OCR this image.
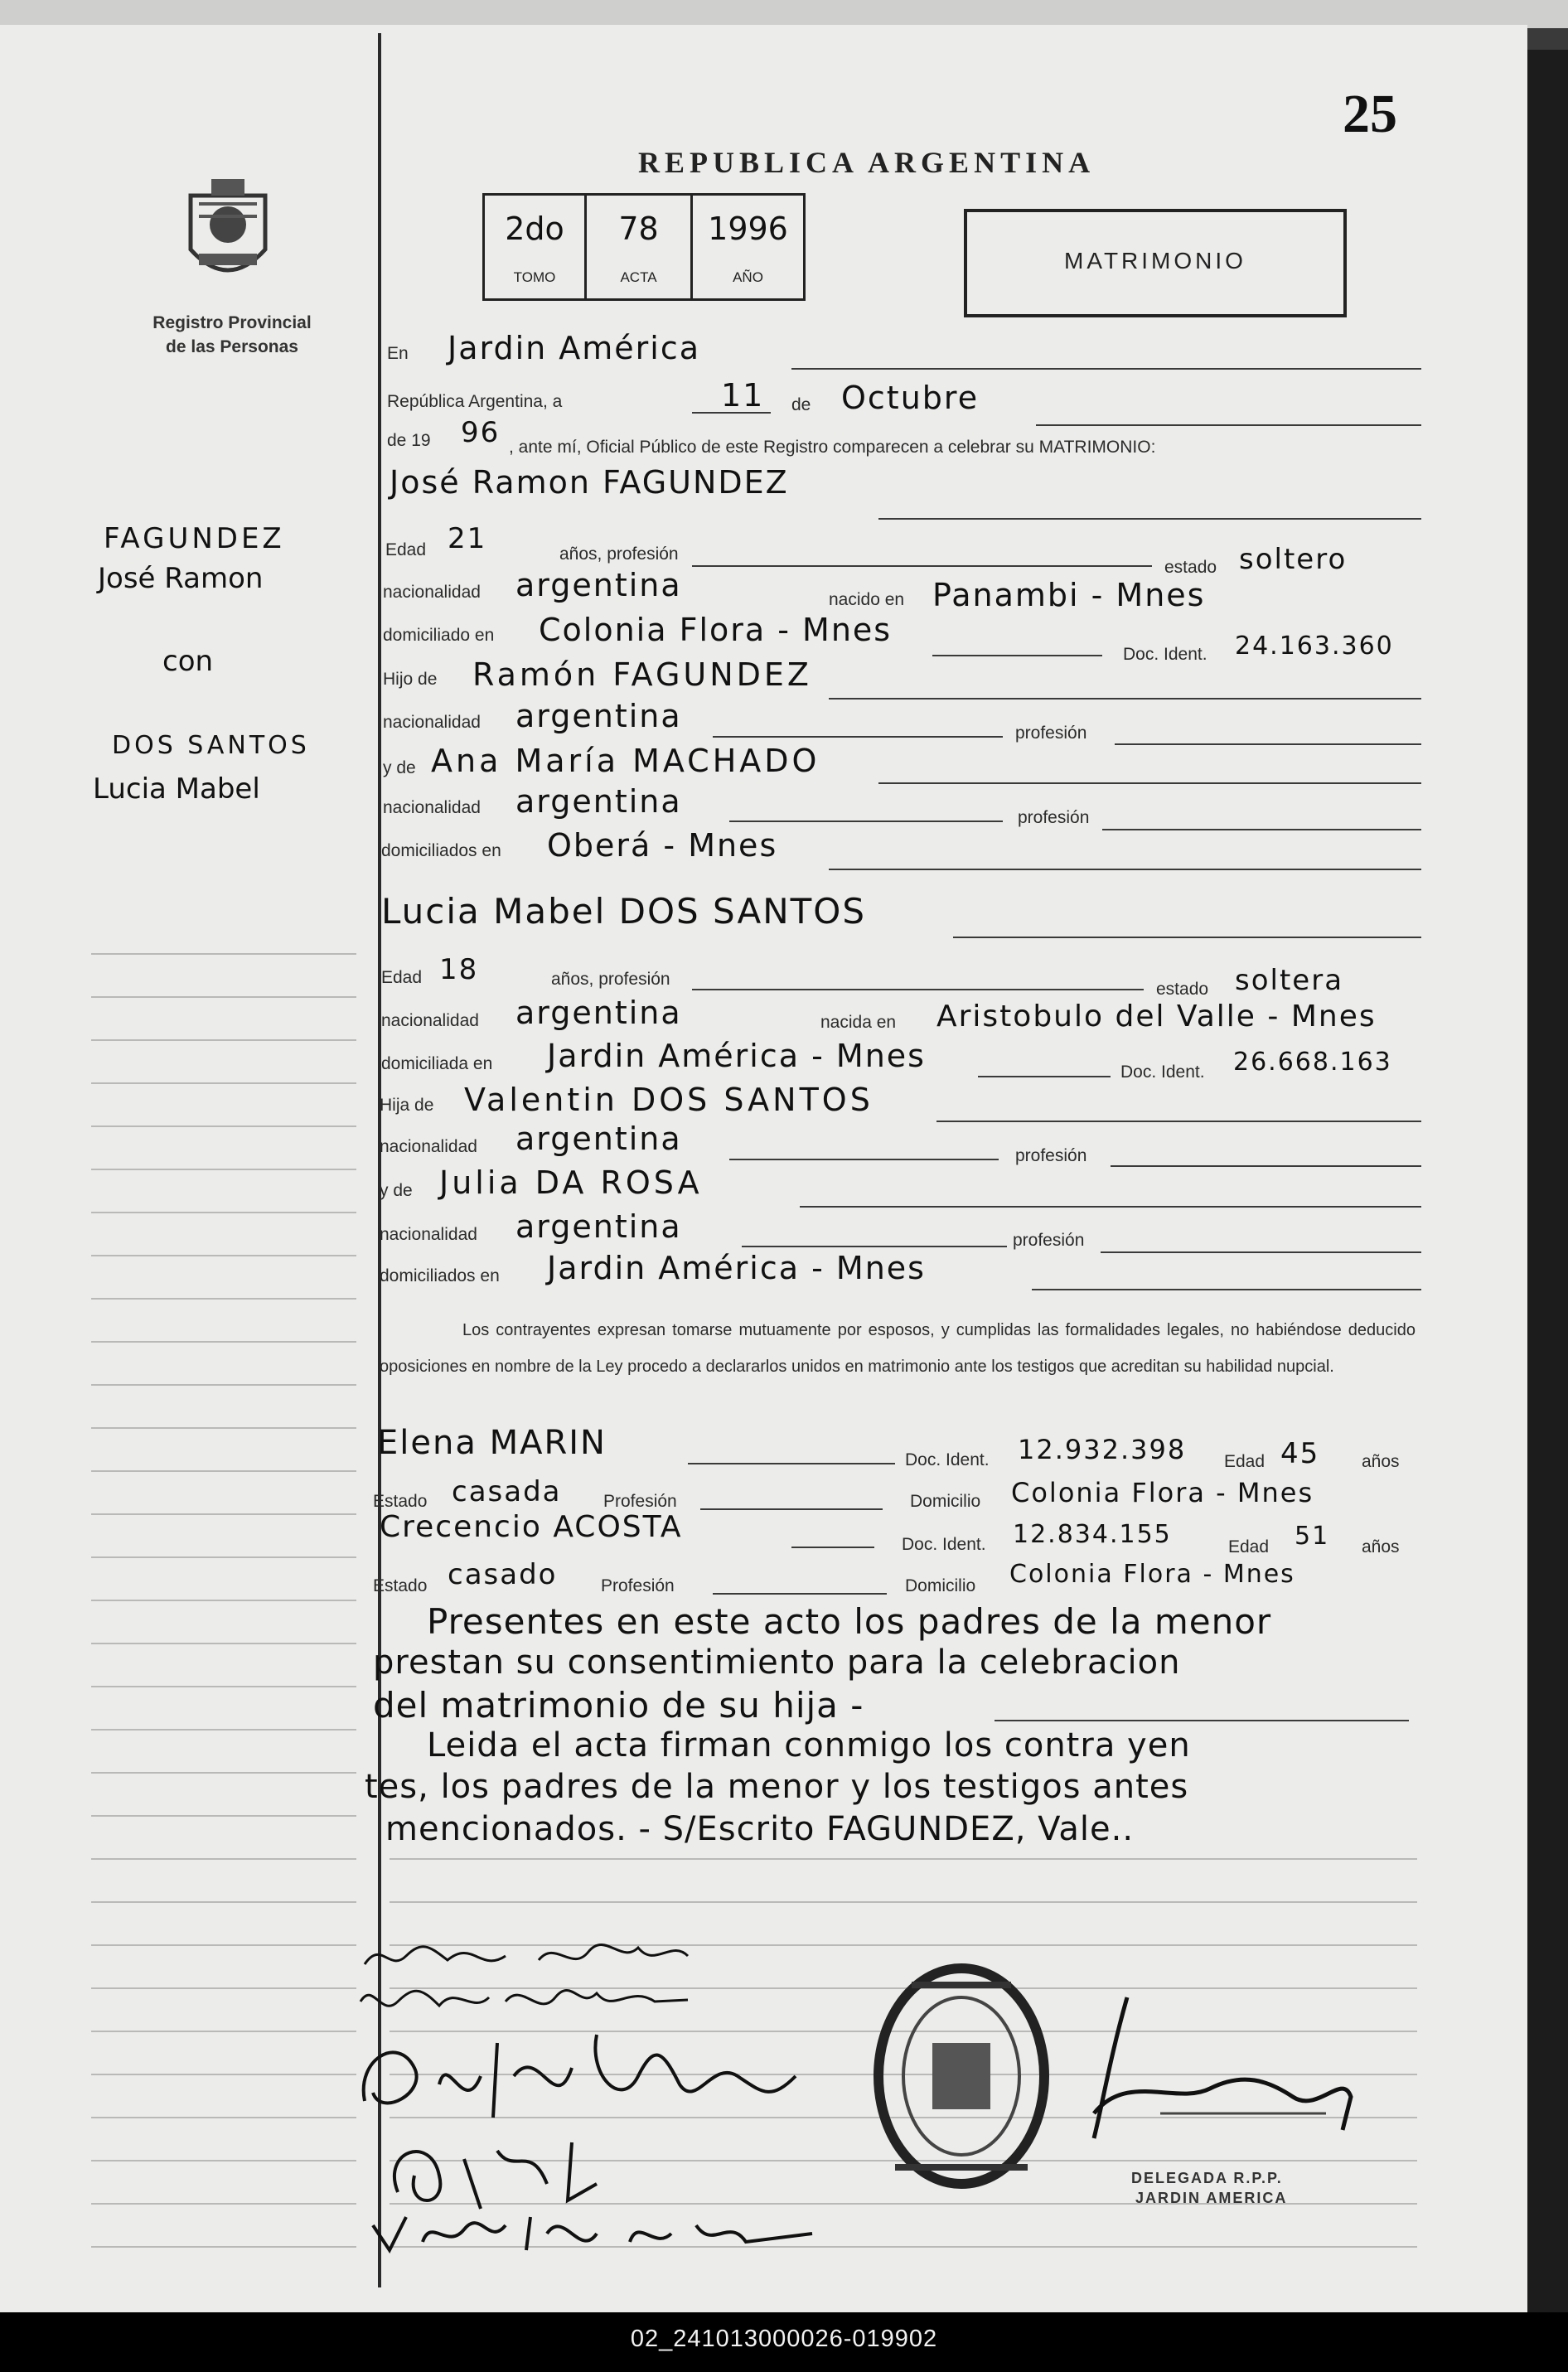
25
REPUBLICA ARGENTINA
Registro Provincial
de las Personas
2do
TOMO
78
ACTA
1996
AÑO
MATRIMONIO
FAGUNDEZ
José Ramon
con
DOS SANTOS
Lucia Mabel
En Jardin América
República Argentina, a	11 de Octubre
de 19 96 , ante mí, Oficial Público de este Registro comparecen a celebrar su MATRIMONIO:
José Ramon FAGUNDEZ
Edad 21	años, profesión
estado soltero
nacionalidad argentina	nacido en Panambi - Mnes
domiciliado en Colonia Flora - Mnes
Doc. Ident. 24.163.360
Hijo de Ramón FAGUNDEZ
nacionalidad argentina	profesión
y de Ana María MACHADO
nacionalidad argentina	profesión
domiciliados en Oberá - Mnes
Lucia Mabel DOS SANTOS
Edad 18	años, profesión
estado soltera
nacionalidad argentina	nacida en Aristobulo del Valle - Mnes
domiciliada en Jardin América - Mnes	Doc. Ident. 26.668.163
Hija de Valentin DOS SANTOS
nacionalidad argentina	profesión
y de Julia DA ROSA
nacionalidad argentina	profesión
domiciliados en Jardin América - Mnes
Los contrayentes expresan tomarse mutuamente por esposos, y cumplidas las formalidades legales, no habiéndose deducido oposiciones en nombre de la Ley procedo a declararlos unidos en matrimonio ante los testigos que acreditan su habilidad nupcial.
Elena MARIN	Doc. Ident. 12.932.398 Edad 45 años
Estado casada Profesión	Domicilio Colonia Flora - Mnes
Crecencio ACOSTA
Doc. Ident. 12.834.155	Edad 51 años
Estado casado	Profesión	Domicilio Colonia Flora - Mnes
Presentes en este acto los padres de la menor
prestan su consentimiento para la celebracion
del matrimonio de su hija -
Leida el acta firman conmigo los contra yen
tes, los padres de la menor y los testigos antes
mencionados. - S/Escrito FAGUNDEZ, Vale..
DELEGADA R.P.P.
JARDIN AMERICA
02_241013000026-019902
